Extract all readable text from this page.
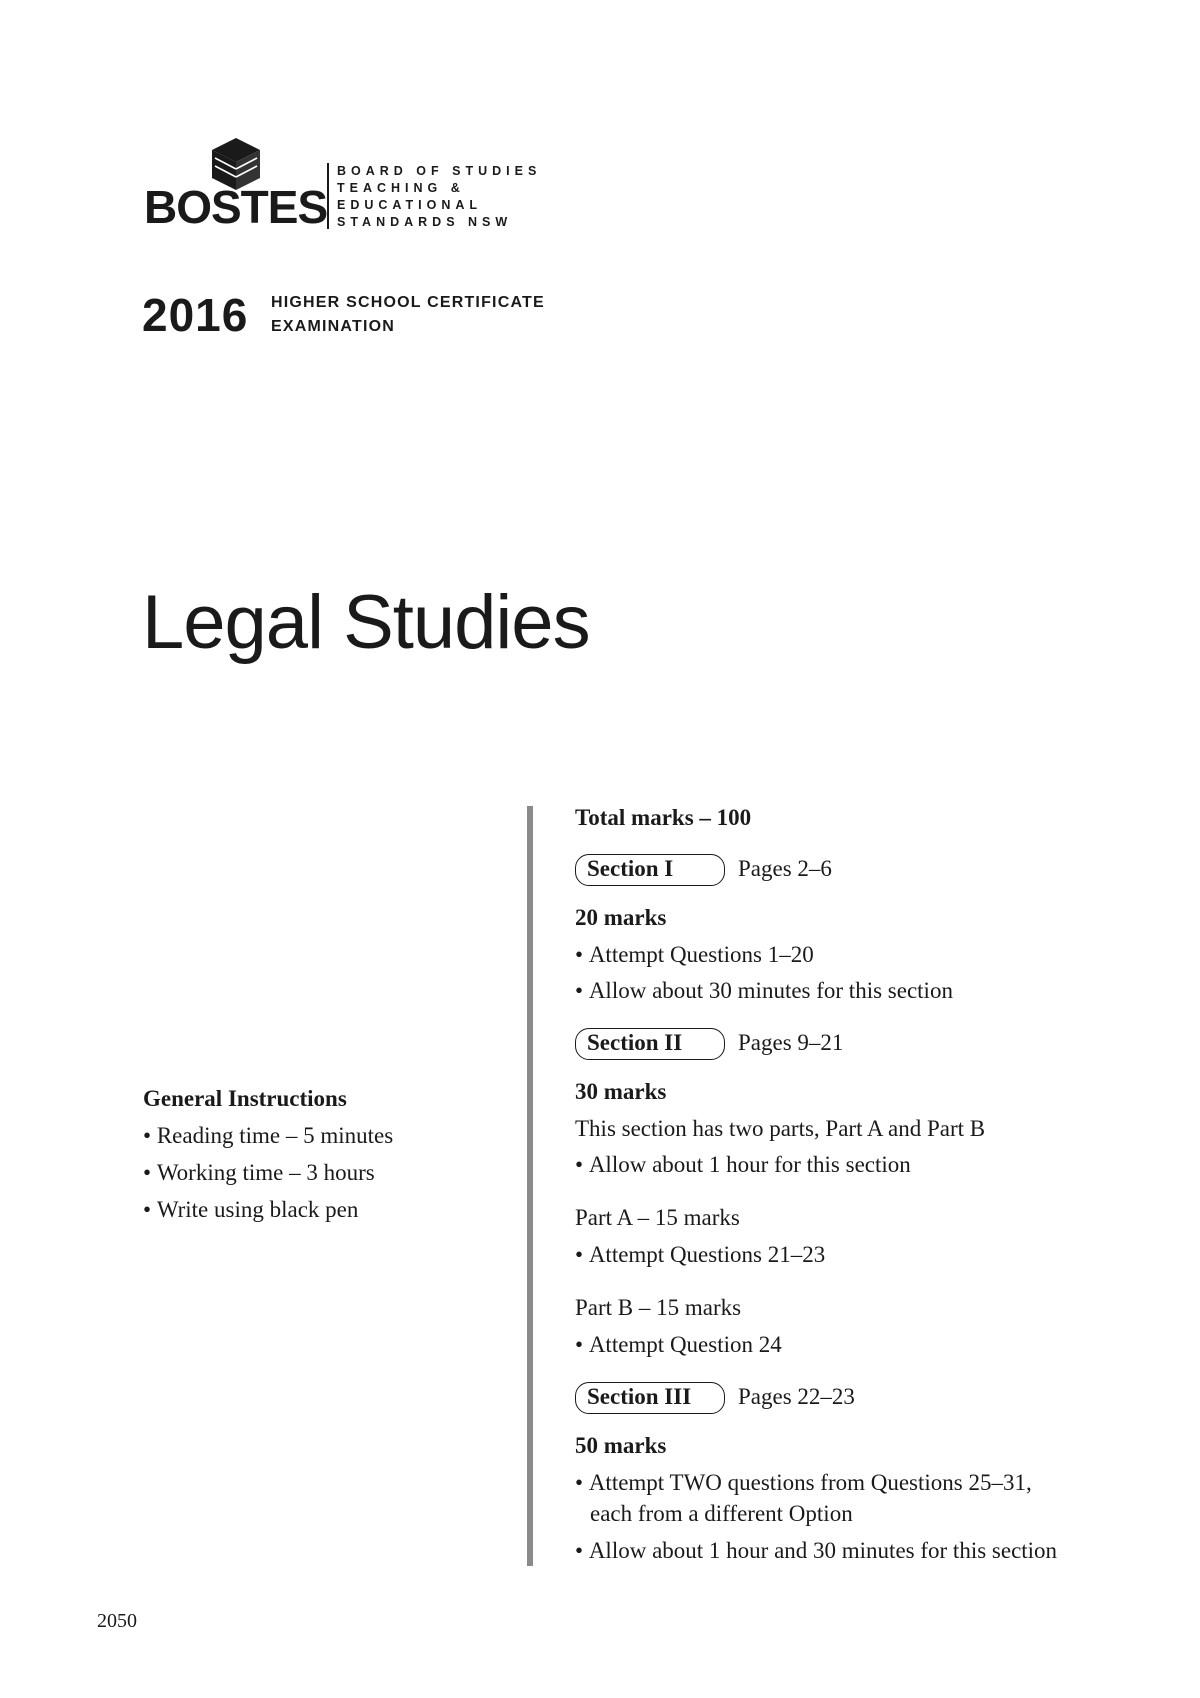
BOSTES
BOARD OF STUDIES
TEACHING &
EDUCATIONAL
STANDARDS NSW
2016 HIGHER SCHOOL CERTIFICATE
EXAMINATION
Legal Studies
General Instructions
• Reading time – 5 minutes
• Working time – 3 hours
• Write using black pen
Total marks – 100
Section I	Pages 2–6
20 marks
• Attempt Questions 1–20
• Allow about 30 minutes for this section
Section II Pages 9–21
30 marks
This section has two parts, Part A and Part B
• Allow about 1 hour for this section
Part A – 15 marks
• Attempt Questions 21–23
Part B – 15 marks
• Attempt Question 24
Section III Pages 22–23
50 marks
• Attempt TWO questions from Questions 25–31,
each from a different Option
• Allow about 1 hour and 30 minutes for this section
2050
